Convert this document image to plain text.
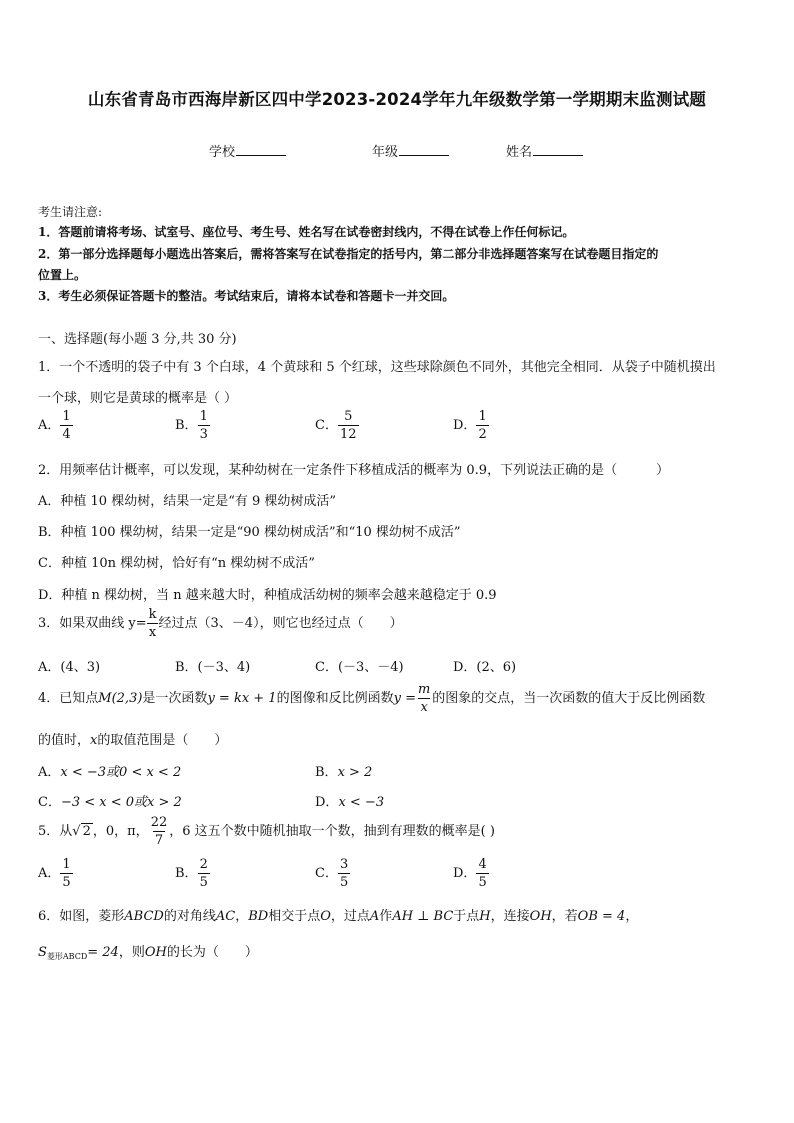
山东省青岛市西海岸新区四中学2023-2024学年九年级数学第一学期期末监测试题
学校	年级	姓名
考生请注意:
1．答题前请将考场、试室号、座位号、考生号、姓名写在试卷密封线内，不得在试卷上作任何标记。
2．第一部分选择题每小题选出答案后，需将答案写在试卷指定的括号内，第二部分非选择题答案写在试卷题目指定的
位置上。
3．考生必须保证答题卡的整洁。考试结束后，请将本试卷和答题卡一并交回。
一、选择题(每小题 3 分,共 30 分)
1．一个不透明的袋子中有 3 个白球，4 个黄球和 5 个红球，这些球除颜色不同外，其他完全相同．从袋子中随机摸出
一个球，则它是黄球的概率是（ ）
A． $\frac{1}{4}$	B． $\frac{1}{3}$	C． $\frac{5}{12}$	D． $\frac{1}{2}$
2．用频率估计概率，可以发现，某种幼树在一定条件下移植成活的概率为 0.9，下列说法正确的是（　　　）
A．种植 10 棵幼树，结果一定是“有 9 棵幼树成活”
B．种植 100 棵幼树，结果一定是“90 棵幼树成活”和“10 棵幼树不成活”
C．种植 10n 棵幼树，恰好有“n 棵幼树不成活”
D．种植 n 棵幼树，当 n 越来越大时，种植成活幼树的频率会越来越稳定于 0.9
3．如果双曲线 $y= \frac{k}{x}$ 经过点（3、－4），则它也经过点（　　）
A．(4、3)	B．(－3、4)	C．(－3、－4)	D．(2、6)
4．已知点M(2,3)是一次函数y = kx + 1的图像和反比例函数$y = \frac{m}{x}$ 的图象的交点，当一次函数的值大于反比例函数
的值时，x的取值范围是（　　）
A．x < −3或0 < x < 2	B．x > 2
C．−3 < x < 0或x > 2	D．x < −3
5．从√ 2 ，0，π， $\frac{22}{7}$ ，6 这五个数中随机抽取一个数，抽到有理数的概率是( )
A． $\frac{1}{5}$	B． $\frac{2}{5}$	C． $\frac{3}{5}$	D． $\frac{4}{5}$
6．如图，菱形ABCD的对角线AC，BD相交于点O，过点A作AH ⊥ BC于点H，连接OH，若OB = 4，
$S_{菱形ABCD}= 24$，则OH的长为（　　）
